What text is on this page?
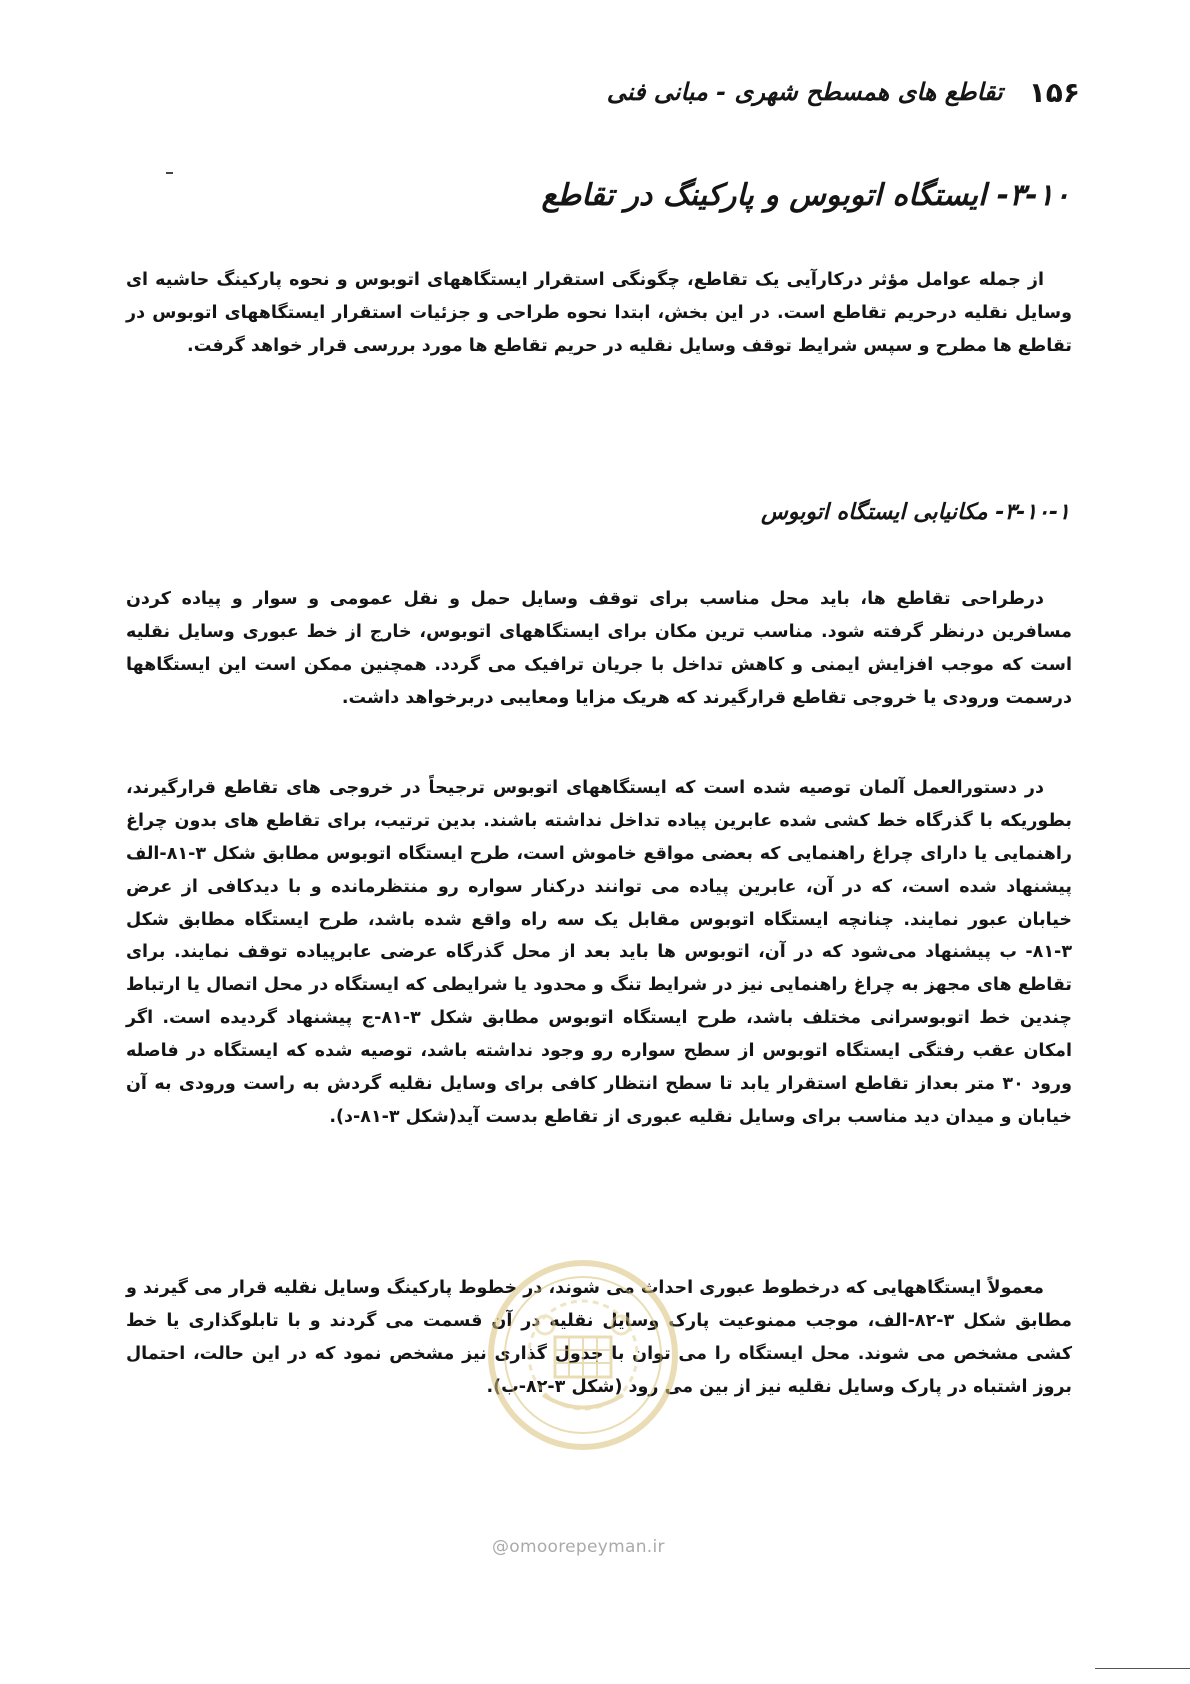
۱۵۶
تقاطع های همسطح شهری - مبانی فنی
۳-۱۰- ایستگاه اتوبوس و پارکینگ در تقاطع

از جمله عوامل مؤثر درکارآیی یک تقاطع، چگونگی استقرار ایستگاههای اتوبوس و نحوه پارکینگ حاشیه ای وسایل نقلیه درحریم تقاطع است. در این بخش، ابتدا نحوه طراحی و جزئیات استقرار ایستگاههای اتوبوس در تقاطع ها مطرح و سپس شرایط توقف وسایل نقلیه در حریم تقاطع ها مورد بررسی قرار خواهد گرفت.

۳-۱۰-۱- مکانیابی ایستگاه اتوبوس

درطراحی تقاطع ها، باید محل مناسب برای توقف وسایل حمل و نقل عمومی و سوار و پیاده کردن مسافرین درنظر گرفته شود. مناسب ترین مکان برای ایستگاههای اتوبوس، خارج از خط عبوری وسایل نقلیه است که موجب افزایش ایمنی و کاهش تداخل با جریان ترافیک می گردد. همچنین ممکن است این ایستگاهها درسمت ورودی یا خروجی تقاطع قرارگیرند که هریک مزایا ومعایبی دربرخواهد داشت.

در دستورالعمل آلمان توصیه شده است که ایستگاههای اتوبوس ترجیحاً در خروجی های تقاطع قرارگیرند، بطوریکه با گذرگاه خط کشی شده عابرین پیاده تداخل نداشته باشند. بدین ترتیب، برای تقاطع های بدون چراغ راهنمایی یا دارای چراغ راهنمایی که بعضی مواقع خاموش است، طرح ایستگاه اتوبوس مطابق شکل ۳-۸۱-الف پیشنهاد شده است، که در آن، عابرین پیاده می توانند درکنار سواره رو منتظرمانده و با دیدکافی از عرض خیابان عبور نمایند. چنانچه ایستگاه اتوبوس مقابل یک سه راه واقع شده باشد، طرح ایستگاه مطابق شکل ۳-۸۱- ب پیشنهاد می‌شود که در آن، اتوبوس ها باید بعد از محل گذرگاه عرضی عابرپیاده توقف نمایند. برای تقاطع های مجهز به چراغ راهنمایی نیز در شرایط تنگ و محدود یا شرایطی که ایستگاه در محل اتصال یا ارتباط چندین خط اتوبوسرانی مختلف باشد، طرح ایستگاه اتوبوس مطابق شکل ۳-۸۱-ج پیشنهاد گردیده است. اگر امکان عقب رفتگی ایستگاه اتوبوس از سطح سواره رو وجود نداشته باشد، توصیه شده که ایستگاه در فاصله ورود ۳۰ متر بعداز تقاطع استقرار یابد تا سطح انتظار کافی برای وسایل نقلیه گردش به راست ورودی به آن خیابان و میدان دید مناسب برای وسایل نقلیه عبوری از تقاطع بدست آید(شکل ۳-۸۱-د).

معمولاً ایستگاههایی که درخطوط عبوری احداث می شوند، در خطوط پارکینگ وسایل نقلیه قرار می گیرند و مطابق شکل ۳-۸۲-الف، موجب ممنوعیت پارک وسایل نقلیه در آن قسمت می گردند و با تابلوگذاری یا خط کشی مشخص می شوند. محل ایستگاه را می توان با جدول گذاری نیز مشخص نمود که در این حالت، احتمال بروز اشتباه در پارک وسایل نقلیه نیز از بین می رود (شکل ۳-۸۲-ب).

@omoorepeyman.ir
